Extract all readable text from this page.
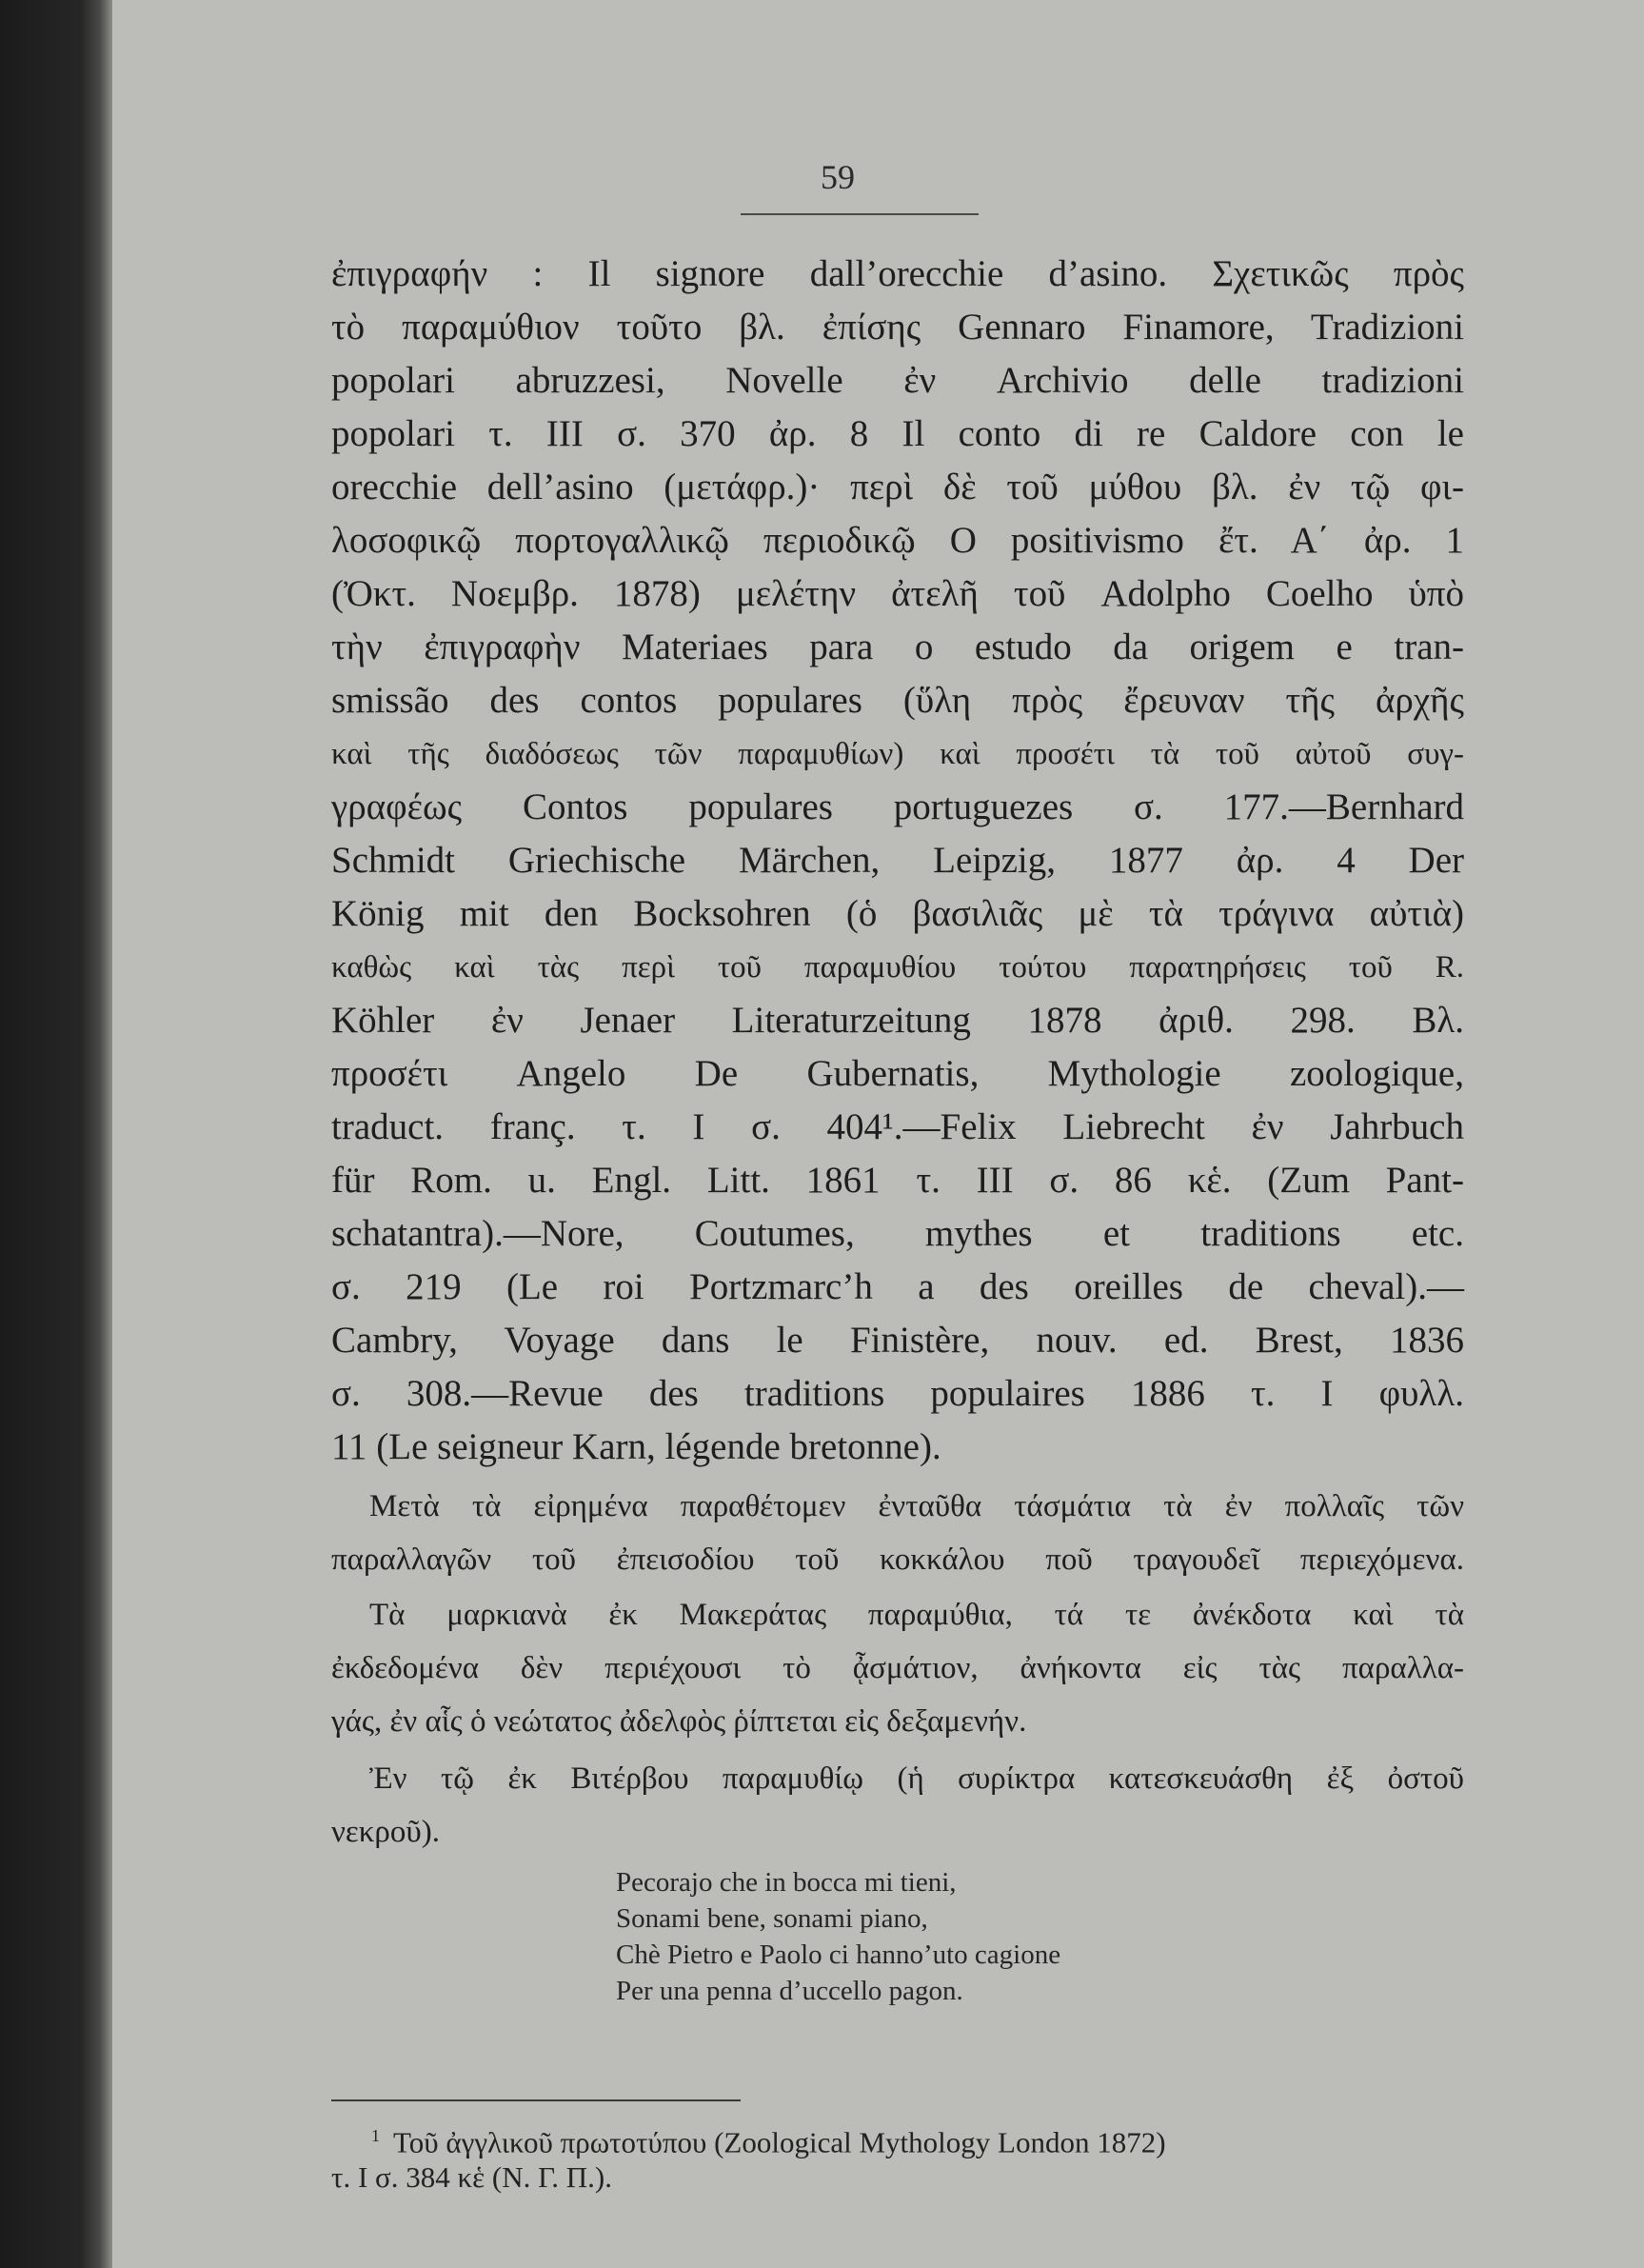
59
ἐπιγραφήν : Il signore dall’orecchie d’asino. Σχετικῶς πρὸς
τὸ παραμύθιον τοῦτο βλ. ἐπίσης Gennaro Finamore, Tradizioni
popolari abruzzesi, Novelle ἐν Archivio delle tradizioni
popolari τ. III σ. 370 ἀρ. 8 Il conto di re Caldore con le
orecchie dell’asino (μετάφρ.)· περὶ δὲ τοῦ μύθου βλ. ἐν τῷ φι-
λοσοφικῷ πορτογαλλικῷ περιοδικῷ O positivismo ἔτ. Α΄ ἀρ. 1
(Ὀκτ. Νοεμβρ. 1878) μελέτην ἀτελῆ τοῦ Adolpho Coelho ὑπὸ
τὴν ἐπιγραφὴν Materiaes para o estudo da origem e tran-
smissão des contos populares (ὕλη πρὸς ἔρευναν τῆς ἀρχῆς
καὶ τῆς διαδόσεως τῶν παραμυθίων) καὶ προσέτι τὰ τοῦ αὐτοῦ συγ-
γραφέως Contos populares portuguezes σ. 177.—Bernhard
Schmidt Griechische Märchen, Leipzig, 1877 ἀρ. 4 Der
König mit den Bocksohren (ὁ βασιλιᾶς μὲ τὰ τράγινα αὐτιὰ)
καθὼς καὶ τὰς περὶ τοῦ παραμυθίου τούτου παρατηρήσεις τοῦ R.
Köhler ἐν Jenaer Literaturzeitung 1878 ἀριθ. 298. Βλ.
προσέτι Angelo De Gubernatis, Mythologie zoologique,
traduct. franç. τ. I σ. 404¹.—Felix Liebrecht ἐν Jahrbuch
für Rom. u. Engl. Litt. 1861 τ. III σ. 86 κἑ. (Zum Pant-
schatantra).—Nore, Coutumes, mythes et traditions etc.
σ. 219 (Le roi Portzmarc’h a des oreilles de cheval).—
Cambry, Voyage dans le Finistère, nouv. ed. Brest, 1836
σ. 308.—Revue des traditions populaires 1886 τ. I φυλλ.
11 (Le seigneur Karn, légende bretonne).
Μετὰ τὰ εἰρημένα παραθέτομεν ἐνταῦθα τάσμάτια τὰ ἐν πολλαῖς τῶν
παραλλαγῶν τοῦ ἐπεισοδίου τοῦ κοκκάλου ποῦ τραγουδεῖ περιεχόμενα.
Τὰ μαρκιανὰ ἐκ Μακεράτας παραμύθια, τά τε ἀνέκδοτα καὶ τὰ
ἐκδεδομένα δὲν περιέχουσι τὸ ᾆσμάτιον, ἀνήκοντα εἰς τὰς παραλλα-
γάς, ἐν αἷς ὁ νεώτατος ἀδελφὸς ῥίπτεται εἰς δεξαμενήν.
Ἐν τῷ ἐκ Βιτέρβου παραμυθίῳ (ἡ συρίκτρα κατεσκευάσθη ἐξ ὀστοῦ
νεκροῦ).
Pecorajo che in bocca mi tieni,
Sonami bene, sonami piano,
Chè Pietro e Paolo ci hanno’uto cagione
Per una penna d’uccello pagon.
$^1$ Τοῦ ἀγγλικοῦ πρωτοτύπου (Zoological Mythology London 1872)
τ. I σ. 384 κἑ (N. Γ. Π.).
